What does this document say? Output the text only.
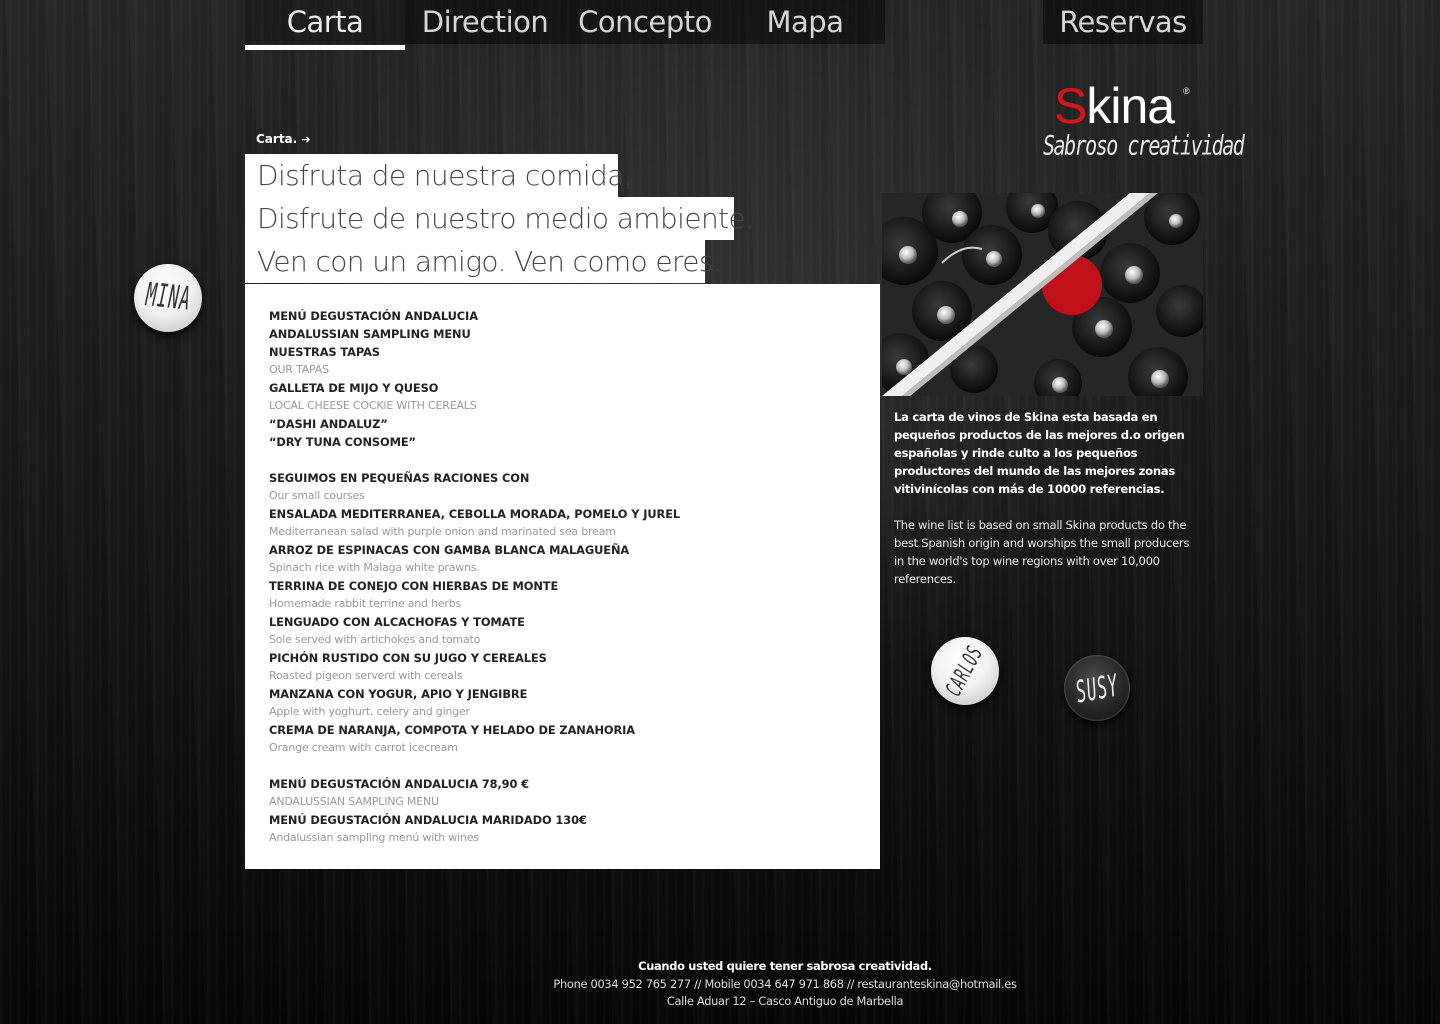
Carta	Direction	Concepto	Mapa	Reservas
Skina ®
Sabroso creatividad
Carta. ➔
Disfruta de nuestra comida.
Disfrute de nuestro medio ambiente.
Ven con un amigo. Ven como eres.
MENÚ DEGUSTACIÓN ANDALUCIA
ANDALUSSIAN SAMPLING MENU
NUESTRAS TAPAS
OUR TAPAS
GALLETA DE MIJO Y QUESO
LOCAL CHEESE COCKIE WITH CEREALS
“DASHI ANDALUZ”
“DRY TUNA CONSOME”
SEGUIMOS EN PEQUEÑAS RACIONES CON
Our small courses
ENSALADA MEDITERRANEA, CEBOLLA MORADA, POMELO Y JUREL
Mediterranean salad with purple onion and marinated sea bream
ARROZ DE ESPINACAS CON GAMBA BLANCA MALAGUEÑA
Spinach rice with Malaga white prawns.
TERRINA DE CONEJO CON HIERBAS DE MONTE
Homemade rabbit terrine and herbs
LENGUADO CON ALCACHOFAS Y TOMATE
Sole served with artichokes and tomato
PICHÓN RUSTIDO CON SU JUGO Y CEREALES
Roasted pigeon serverd with cereals
MANZANA CON YOGUR, APIO Y JENGIBRE
Apple with yoghurt, celery and ginger
CREMA DE NARANJA, COMPOTA Y HELADO DE ZANAHORIA
Orange cream with carrot icecream
MENÚ DEGUSTACIÓN ANDALUCIA 78,90 €
ANDALUSSIAN SAMPLING MENU
MENÚ DEGUSTACIÓN ANDALUCIA MARIDADO 130€
Andalussian sampling menú with wines
La carta de vinos de Skina esta basada en pequeños productos de las mejores d.o origen españolas y rinde culto a los pequeños productores del mundo de las mejores zonas vitivinícolas con más de 10000 referencias.
The wine list is based on small Skina products do the best Spanish origin and worships the small producers in the world's top wine regions with over 10,000 references.
MINA
CARLOS	SUSY
Cuando usted quiere tener sabrosa creatividad.
Phone 0034 952 765 277 // Mobile 0034 647 971 868 // restauranteskina@hotmail.es
Calle Aduar 12 – Casco Antiguo de Marbella
